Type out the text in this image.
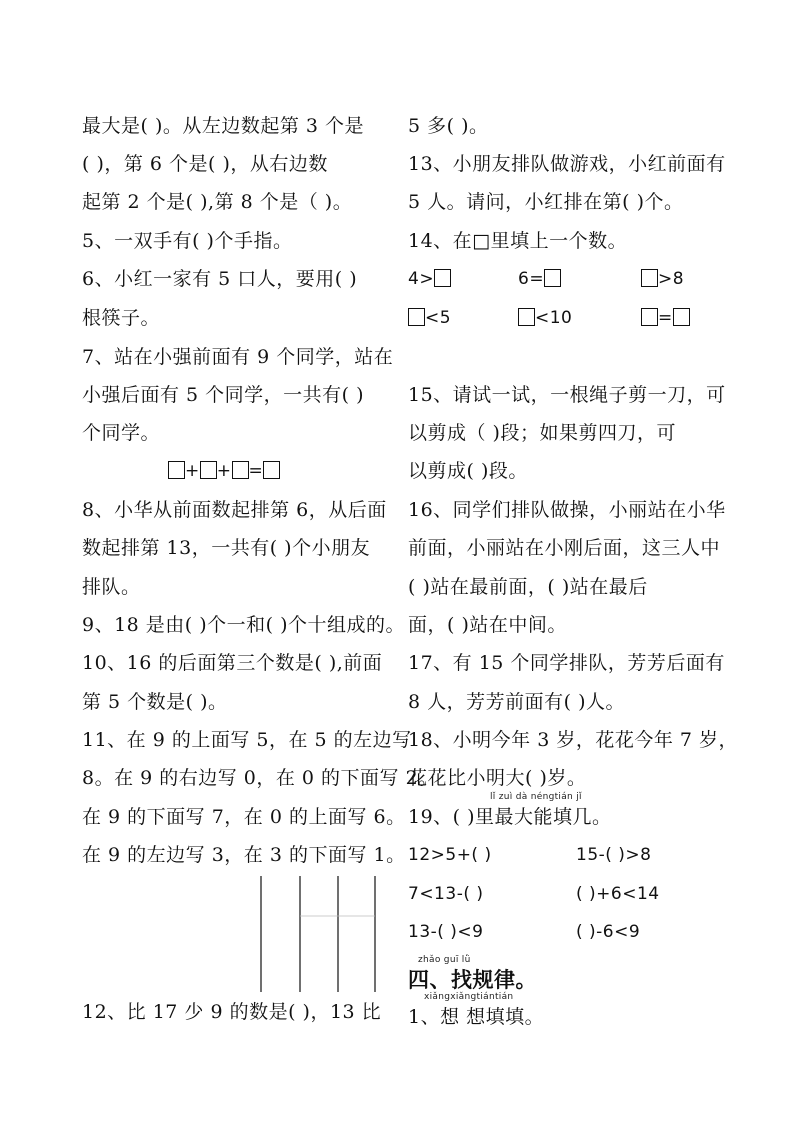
最大是( )。从左边数起第 3 个是
( )，第 6 个是( )，从右边数
起第 2 个是( ),第 8 个是（ )。
5、一双手有( )个手指。
6、小红一家有 5 口人，要用( )
根筷子。
7、站在小强前面有 9 个同学，站在
小强后面有 5 个同学，一共有( )
个同学。
+ + =
8、小华从前面数起排第 6，从后面
数起排第 13，一共有( )个小朋友
排队。
9、18 是由( )个一和( )个十组成的。
10、16 的后面第三个数是( ),前面
第 5 个数是( )。
11、在 9 的上面写 5，在 5 的左边写
8。在 9 的右边写 0，在 0 的下面写 2。
在 9 的下面写 7，在 0 的上面写 6。
在 9 的左边写 3，在 3 的下面写 1。
12、比 17 少 9 的数是( )，13 比
5 多( )。
13、小朋友排队做游戏，小红前面有
5 人。请问，小红排在第( )个。
14、在□里填上一个数。
4>	6=	>8
<5	<10	=
15、请试一试，一根绳子剪一刀，可
以剪成（ )段；如果剪四刀，可
以剪成( )段。
16、同学们排队做操，小丽站在小华
前面，小丽站在小刚后面，这三人中
( )站在最前面，( )站在最后
面，( )站在中间。
17、有 15 个同学排队，芳芳后面有
8 人，芳芳前面有( )人。
18、小明今年 3 岁，花花今年 7 岁，
花花比小明大( )岁。
lǐ zuì dà néngtián jǐ
19、( )里最大能填几。
12>5+( )	15-( )>8
7<13-( )	( )+6<14
13-( )<9	( )-6<9
zhǎo guī lǜ
四、找规律。
xiǎngxiǎngtiántián
1、想 想填填。
